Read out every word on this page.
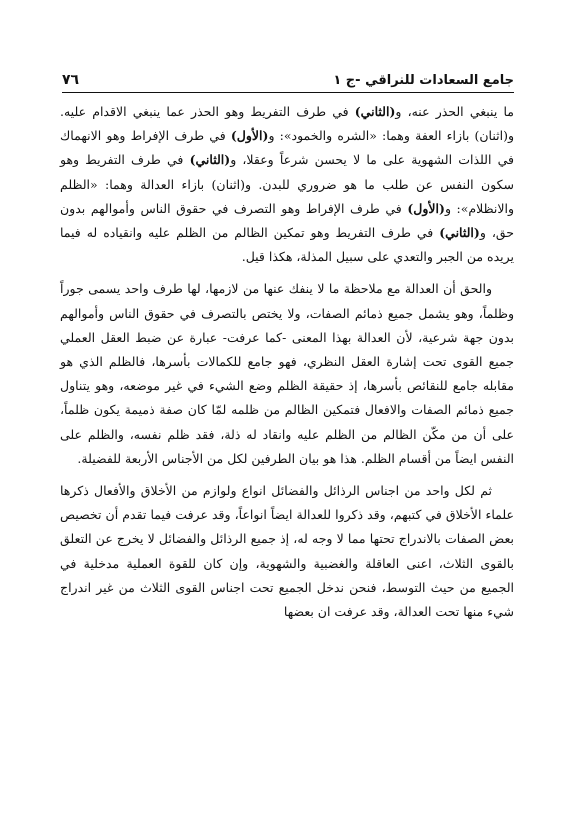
جامع السعادات للنراقي -ج ١
٧٦

ما ينبغي الحذر عنه، و(الثاني) في طرف التفريط وهو الحذر عما ينبغي الاقدام عليه. و(اثنان) بازاء العفة وهما: «الشره والخمود»: و(الأول) في طرف الإفراط وهو الانهماك في اللذات الشهوية على ما لا يحسن شرعاً وعقلا، و(الثاني) في طرف التفريط وهو سكون النفس عن طلب ما هو ضروري للبدن. و(اثنان) بازاء العدالة وهما: «الظلم والانظلام»: و(الأول) في طرف الإفراط وهو التصرف في حقوق الناس وأموالهم بدون حق، و(الثاني) في طرف التفريط وهو تمكين الظالم من الظلم عليه وانقياده له فيما يريده من الجبر والتعدي على سبيل المذلة، هكذا قيل.

والحق أن العدالة مع ملاحظة ما لا ينفك عنها من لازمها، لها طرف واحد يسمى جوراً وظلماً، وهو يشمل جميع ذمائم الصفات، ولا يختص بالتصرف في حقوق الناس وأموالهم بدون جهة شرعية، لأن العدالة بهذا المعنى -كما عرفت- عبارة عن ضبط العقل العملي جميع القوى تحت إشارة العقل النظري، فهو جامع للكمالات بأسرها، فالظلم الذي هو مقابله جامع للنقائص بأسرها، إذ حقيقة الظلم وضع الشيء في غير موضعه، وهو يتناول جميع ذمائم الصفات والافعال فتمكين الظالم من ظلمه لمّا كان صفة ذميمة يكون ظلماً، على أن من مكّن الظالم من الظلم عليه وانقاد له ذلة، فقد ظلم نفسه، والظلم على النفس ايضاً من أقسام الظلم. هذا هو بيان الطرفين لكل من الأجناس الأربعة للفضيلة.

ثم لكل واحد من اجناس الرذائل والفضائل انواع ولوازم من الأخلاق والأفعال ذكرها علماء الأخلاق في كتبهم، وقد ذكروا للعدالة ايضاً انواعاً، وقد عرفت فيما تقدم أن تخصيص بعض الصفات بالاندراج تحتها مما لا وجه له، إذ جميع الرذائل والفضائل لا يخرج عن التعلق بالقوى الثلاث، اعنى العاقلة والغضبية والشهوية، وإن كان للقوة العملية مدخلية في الجميع من حيث التوسط، فنحن ندخل الجميع تحت اجناس القوى الثلاث من غير اندراج شيء منها تحت العدالة، وقد عرفت ان بعضها
